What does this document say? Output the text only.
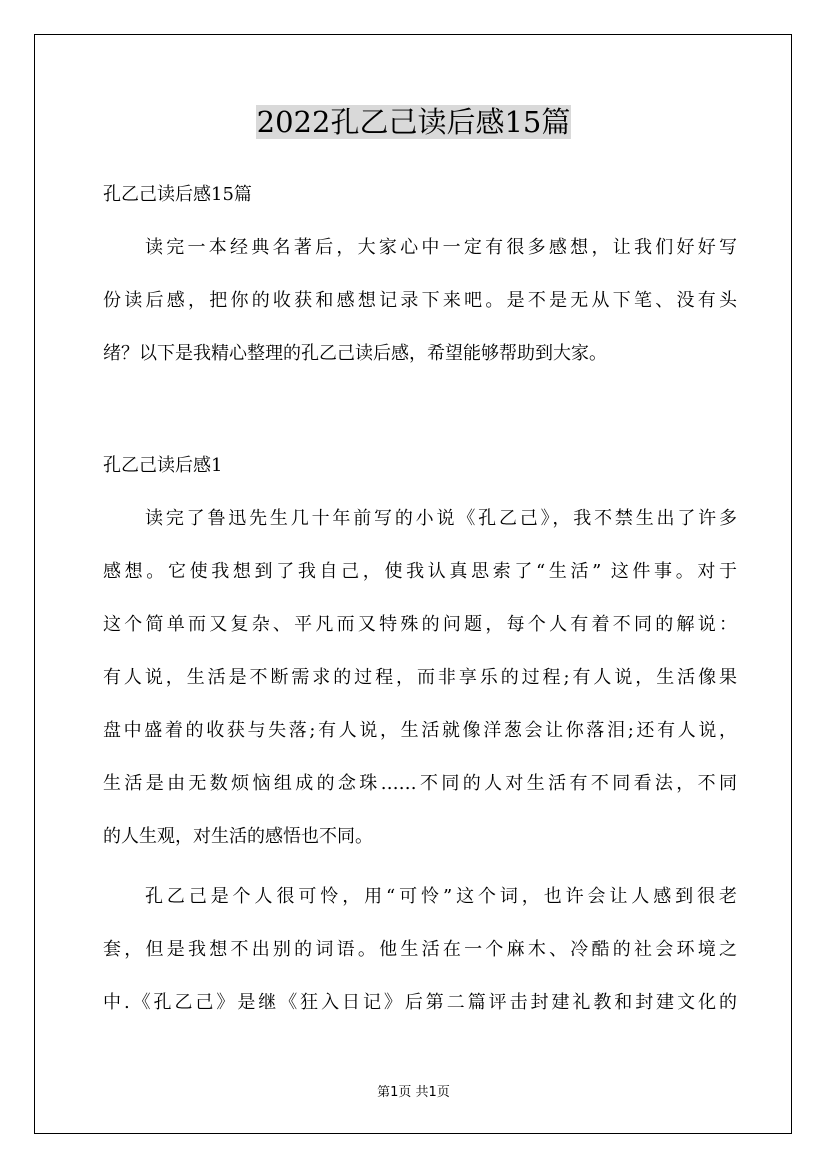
2022孔乙己读后感15篇
孔乙己读后感15篇
读完一本经典名著后，大家心中一定有很多感想，让我们好好写
份读后感，把你的收获和感想记录下来吧。是不是无从下笔、没有头
绪？以下是我精心整理的孔乙己读后感，希望能够帮助到大家。
孔乙己读后感1
读完了鲁迅先生几十年前写的小说《孔乙己》，我不禁生出了许多
感想。它使我想到了我自己，使我认真思索了“生活” 这件事。对于
这个简单而又复杂、平凡而又特殊的问题，每个人有着不同的解说：
有人说，生活是不断需求的过程，而非享乐的过程;有人说，生活像果
盘中盛着的收获与失落;有人说，生活就像洋葱会让你落泪;还有人说，
生活是由无数烦恼组成的念珠……不同的人对生活有不同看法，不同
的人生观，对生活的感悟也不同。
孔乙己是个人很可怜，用“可怜”这个词，也许会让人感到很老
套，但是我想不出别的词语。他生活在一个麻木、冷酷的社会环境之
中.《孔乙己》是继《狂入日记》后第二篇评击封建礼教和封建文化的
第1页 共1页
